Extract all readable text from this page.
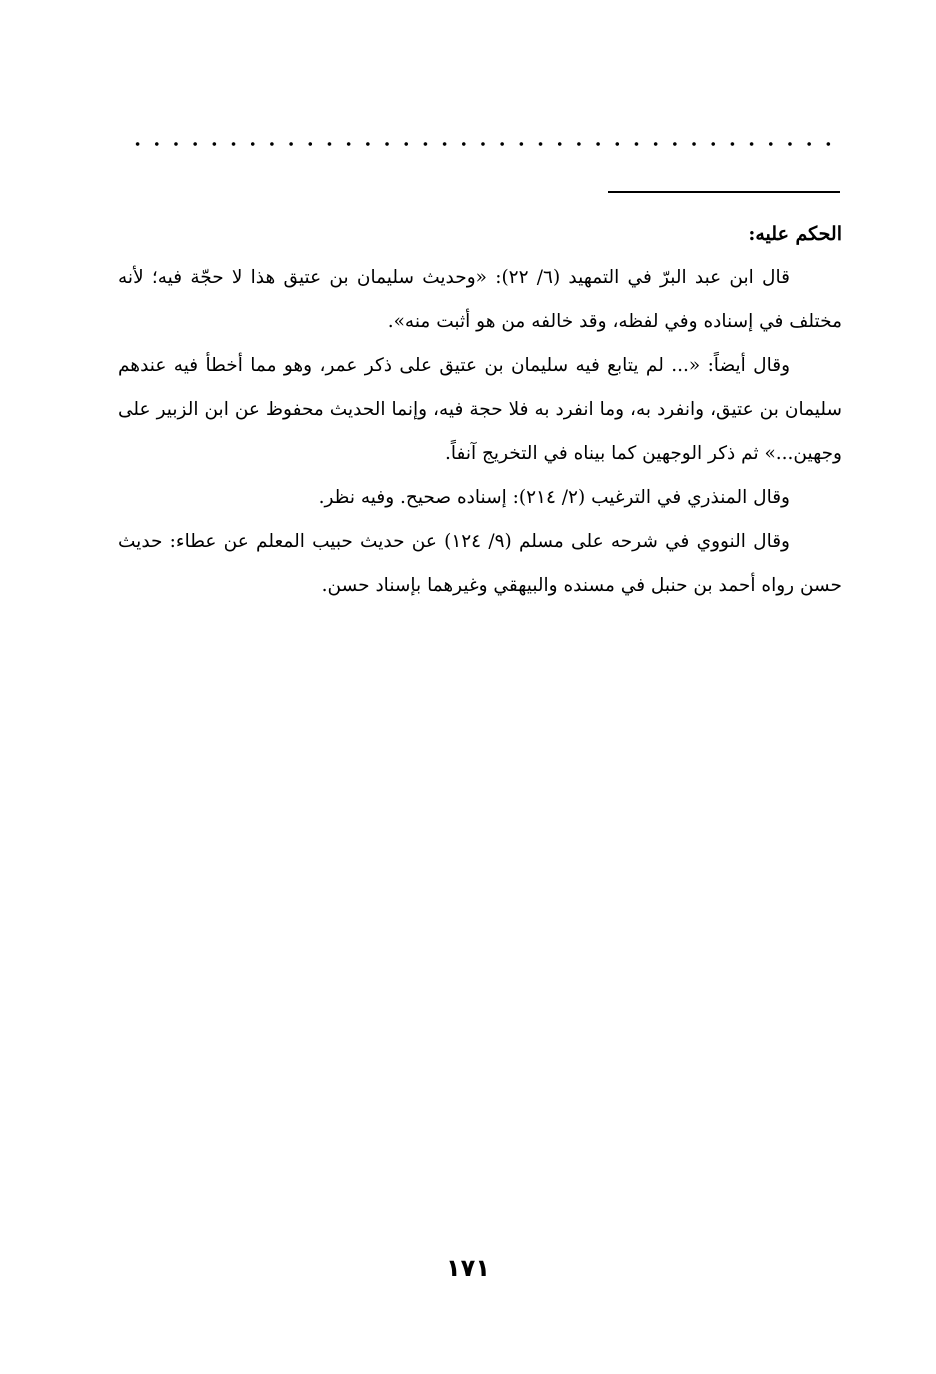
الحكم عليه:

قال ابن عبد البرّ في التمهيد (٦/ ٢٢): «وحديث سليمان بن عتيق هذا لا حجّة فيه؛ لأنه مختلف في إسناده وفي لفظه، وقد خالفه من هو أثبت منه».

وقال أيضاً: «... لم يتابع فيه سليمان بن عتيق على ذكر عمر، وهو مما أخطأ فيه عندهم سليمان بن عتيق، وانفرد به، وما انفرد به فلا حجة فيه، وإنما الحديث محفوظ عن ابن الزبير على وجهين...» ثم ذكر الوجهين كما بيناه في التخريج آنفاً.

وقال المنذري في الترغيب (٢/ ٢١٤): إسناده صحيح. وفيه نظر.

وقال النووي في شرحه على مسلم (٩/ ١٢٤) عن حديث حبيب المعلم عن عطاء: حديث حسن رواه أحمد بن حنبل في مسنده والبيهقي وغيرهما بإسناد حسن.

١٧١
